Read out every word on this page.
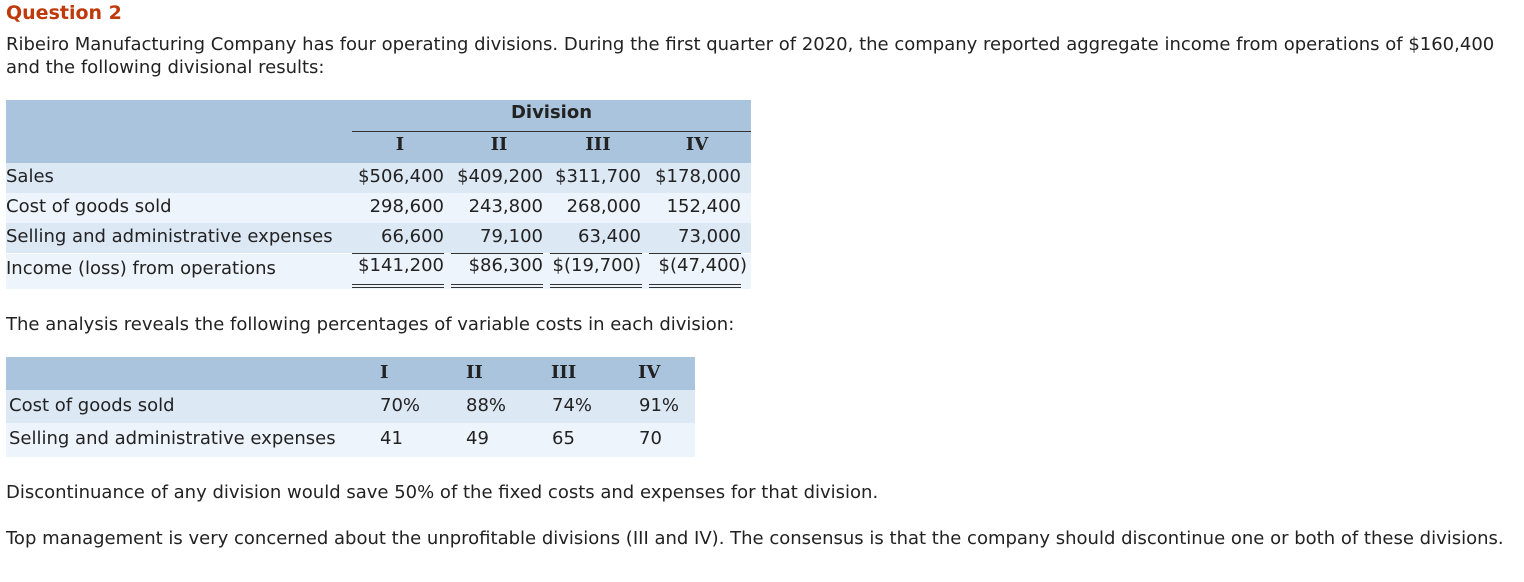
Question 2
Ribeiro Manufacturing Company has four operating divisions. During the first quarter of 2020, the company reported aggregate income from operations of $160,400 and the following divisional results:
Division
I	II	III	IV
Sales	$506,400 $409,200 $311,700 $178,000
Cost of goods sold	298,600	243,800	268,000	152,400
Selling and administrative expenses	66,600	79,100	63,400	73,000
Income (loss) from operations	$141,200	$86,300 $(19,700) $(47,400)
The analysis reveals the following percentages of variable costs in each division:
I	II	III	IV
Cost of goods sold	70%	88%	74%	91%
Selling and administrative expenses 41	49	65	70
Discontinuance of any division would save 50% of the fixed costs and expenses for that division.
Top management is very concerned about the unprofitable divisions (III and IV). The consensus is that the company should discontinue one or both of these divisions.
